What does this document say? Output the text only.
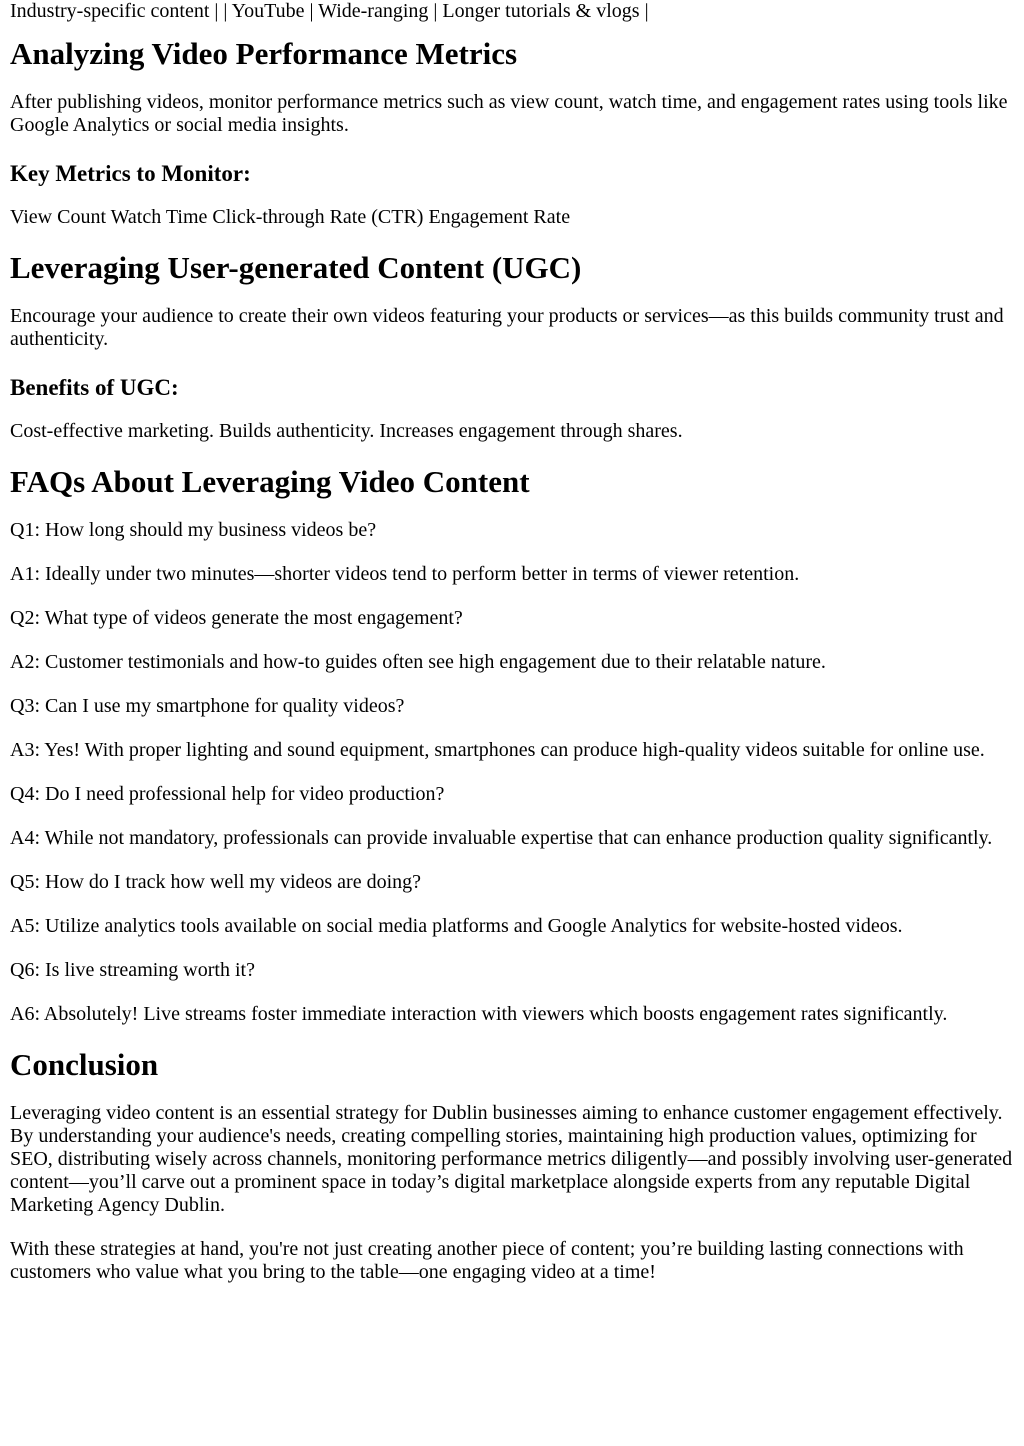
Industry-specific content | | YouTube | Wide-ranging | Longer tutorials & vlogs |

Analyzing Video Performance Metrics

After publishing videos, monitor performance metrics such as view count, watch time, and engagement rates using tools like Google Analytics or social media insights.

Key Metrics to Monitor:

View Count Watch Time Click-through Rate (CTR) Engagement Rate

Leveraging User-generated Content (UGC)

Encourage your audience to create their own videos featuring your products or services—as this builds community trust and authenticity.

Benefits of UGC:

Cost-effective marketing. Builds authenticity. Increases engagement through shares.

FAQs About Leveraging Video Content

Q1: How long should my business videos be?

A1: Ideally under two minutes—shorter videos tend to perform better in terms of viewer retention.

Q2: What type of videos generate the most engagement?

A2: Customer testimonials and how-to guides often see high engagement due to their relatable nature.

Q3: Can I use my smartphone for quality videos?

A3: Yes! With proper lighting and sound equipment, smartphones can produce high-quality videos suitable for online use.

Q4: Do I need professional help for video production?

A4: While not mandatory, professionals can provide invaluable expertise that can enhance production quality significantly.

Q5: How do I track how well my videos are doing?

A5: Utilize analytics tools available on social media platforms and Google Analytics for website-hosted videos.

Q6: Is live streaming worth it?

A6: Absolutely! Live streams foster immediate interaction with viewers which boosts engagement rates significantly.

Conclusion

Leveraging video content is an essential strategy for Dublin businesses aiming to enhance customer engagement effectively. By understanding your audience's needs, creating compelling stories, maintaining high production values, optimizing for SEO, distributing wisely across channels, monitoring performance metrics diligently—and possibly involving user-generated content—you’ll carve out a prominent space in today’s digital marketplace alongside experts from any reputable Digital Marketing Agency Dublin.

With these strategies at hand, you're not just creating another piece of content; you’re building lasting connections with customers who value what you bring to the table—one engaging video at a time!
